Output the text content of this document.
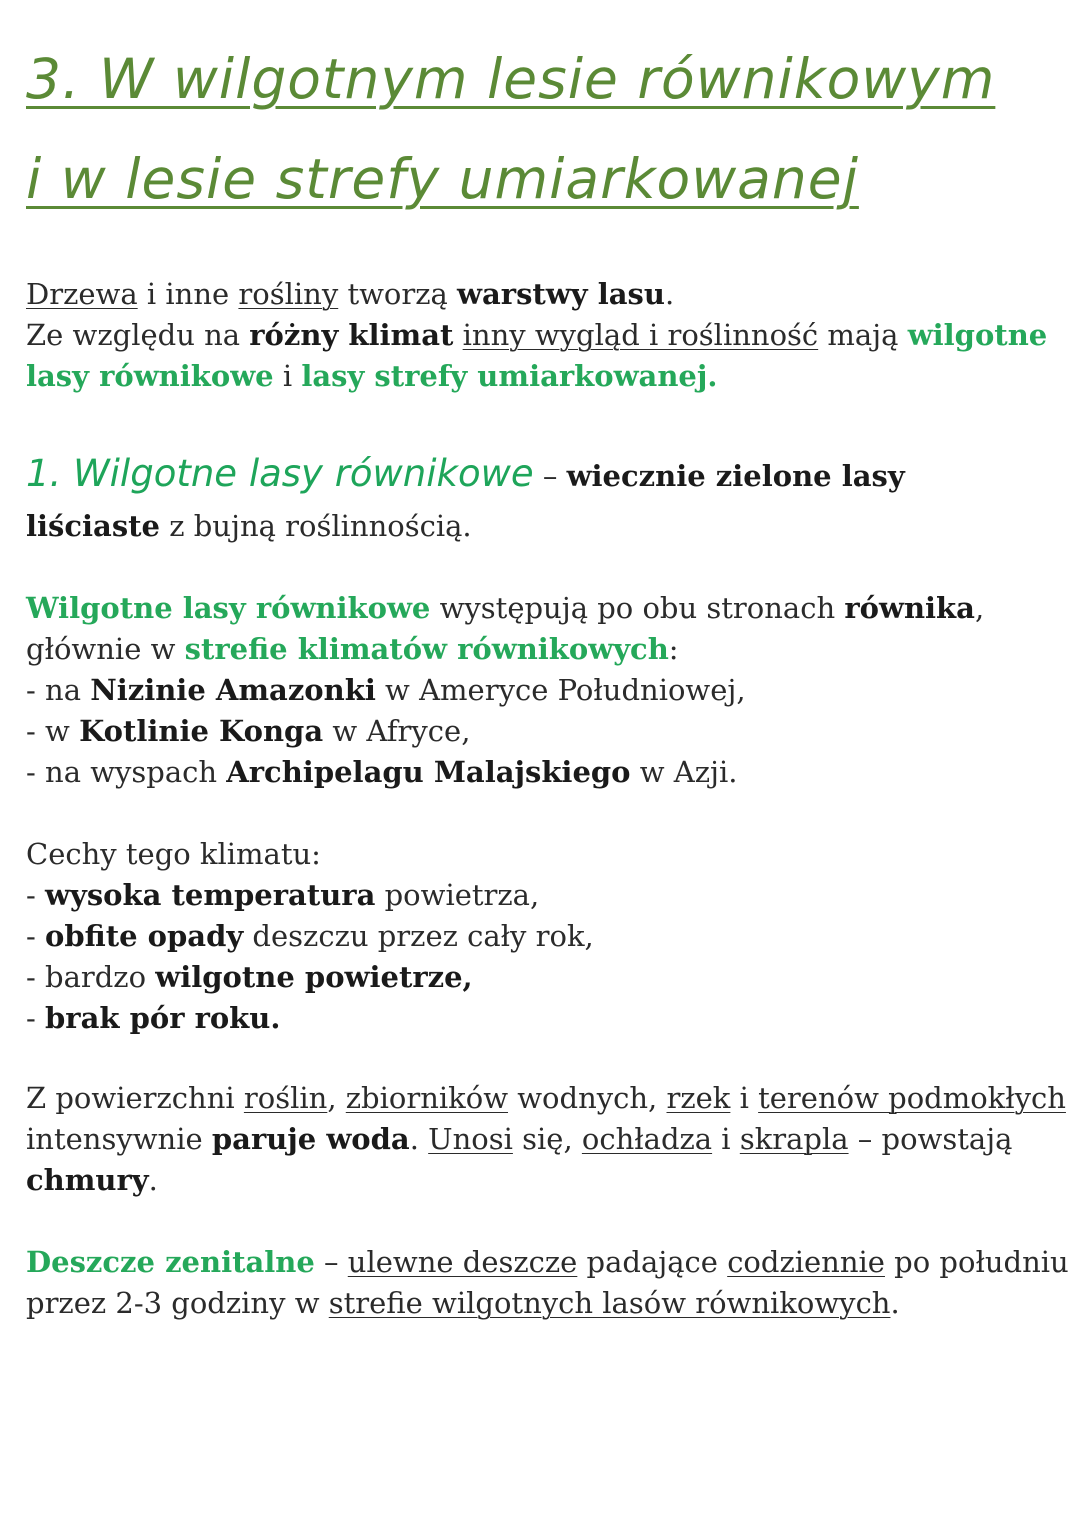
3. W wilgotnym lesie równikowym
i w lesie strefy umiarkowanej
Drzewa i inne rośliny tworzą warstwy lasu.
Ze względu na różny klimat inny wygląd i roślinność mają wilgotne
lasy równikowe i lasy strefy umiarkowanej.
1. Wilgotne lasy równikowe – wiecznie zielone lasy
liściaste z bujną roślinnością.
Wilgotne lasy równikowe występują po obu stronach równika,
głównie w strefie klimatów równikowych:
- na Nizinie Amazonki w Ameryce Południowej,
- w Kotlinie Konga w Afryce,
- na wyspach Archipelagu Malajskiego w Azji.
Cechy tego klimatu:
- wysoka temperatura powietrza,
- obfite opady deszczu przez cały rok,
- bardzo wilgotne powietrze,
- brak pór roku.
Z powierzchni roślin, zbiorników wodnych, rzek i terenów podmokłych
intensywnie paruje woda. Unosi się, ochładza i skrapla – powstają
chmury.
Deszcze zenitalne – ulewne deszcze padające codziennie po południu
przez 2-3 godziny w strefie wilgotnych lasów równikowych.
